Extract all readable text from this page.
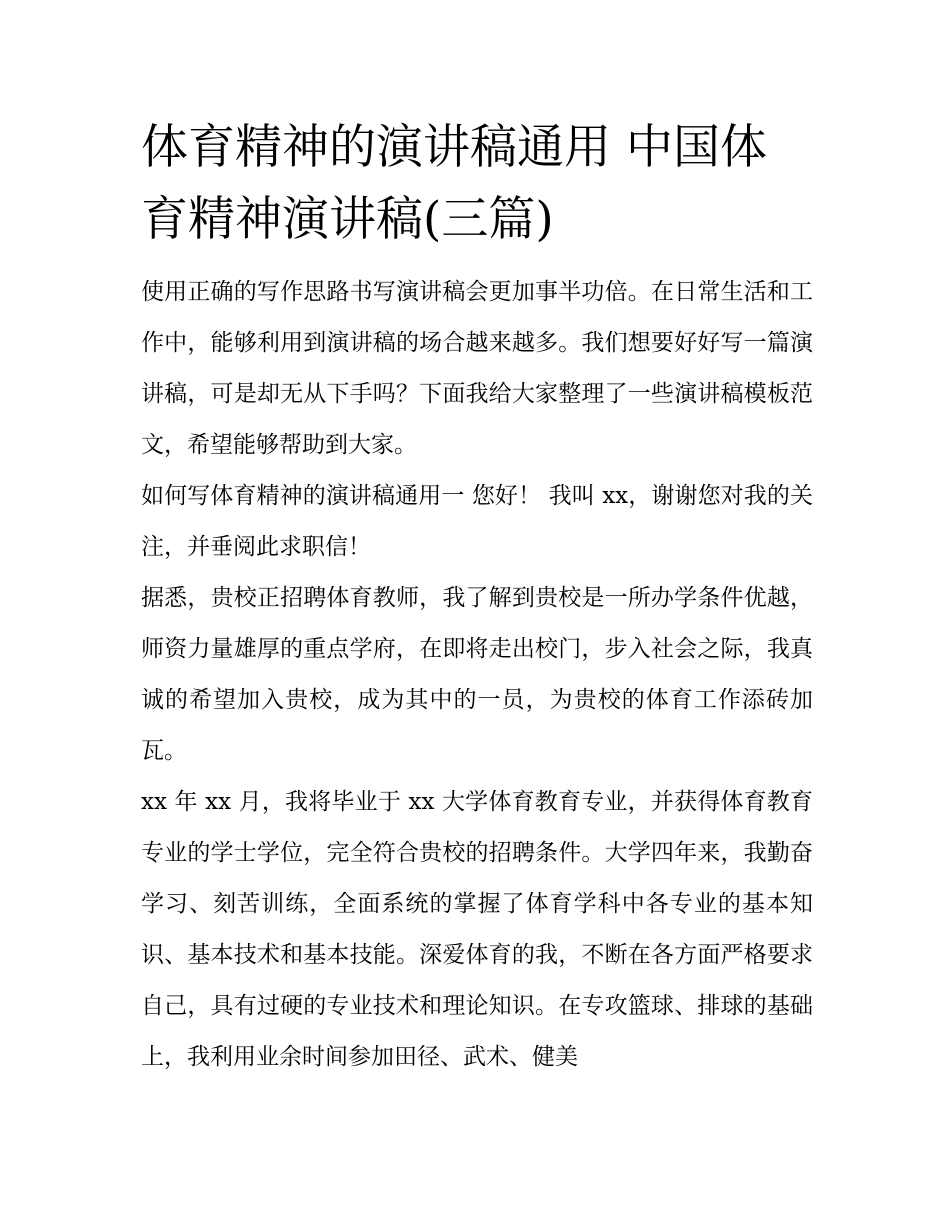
体育精神的演讲稿通用 中国体育精神演讲稿(三篇)

使用正确的写作思路书写演讲稿会更加事半功倍。在日常生活和工作中，能够利用到演讲稿的场合越来越多。我们想要好好写一篇演讲稿，可是却无从下手吗？下面我给大家整理了一些演讲稿模板范文，希望能够帮助到大家。

如何写体育精神的演讲稿通用一 您好！ 我叫 xx，谢谢您对我的关注，并垂阅此求职信！

据悉，贵校正招聘体育教师，我了解到贵校是一所办学条件优越，师资力量雄厚的重点学府，在即将走出校门，步入社会之际，我真诚的希望加入贵校，成为其中的一员，为贵校的体育工作添砖加瓦。

xx 年 xx 月，我将毕业于 xx 大学体育教育专业，并获得体育教育专业的学士学位，完全符合贵校的招聘条件。大学四年来，我勤奋学习、刻苦训练，全面系统的掌握了体育学科中各专业的基本知识、基本技术和基本技能。深爱体育的我，不断在各方面严格要求自己，具有过硬的专业技术和理论知识。在专攻篮球、排球的基础上，我利用业余时间参加田径、武术、健美
